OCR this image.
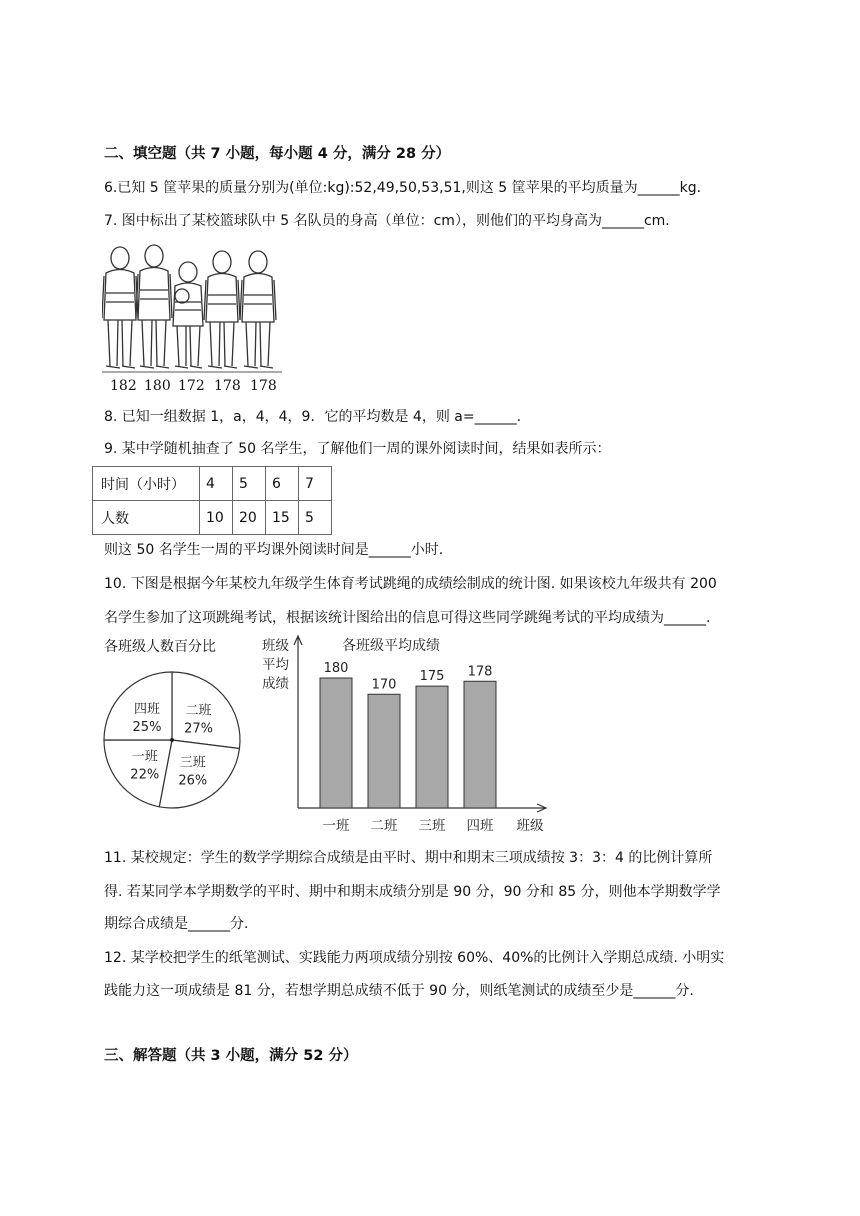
二、填空题（共 7 小题，每小题 4 分，满分 28 分）
6.已知 5 筐苹果的质量分别为(单位:kg):52,49,50,53,51,则这 5 筐苹果的平均质量为______kg.
7. 图中标出了某校篮球队中 5 名队员的身高（单位：cm），则他们的平均身高为______cm.
182 180 172 178 178
8. 已知一组数据 1，a，4，4，9．它的平均数是 4，则 a=______.
9. 某中学随机抽查了 50 名学生，了解他们一周的课外阅读时间，结果如表所示：
时间（小时）	4	5	6	7
人数	10	20	15	5
则这 50 名学生一周的平均课外阅读时间是______小时.
10. 下图是根据今年某校九年级学生体育考试跳绳的成绩绘制成的统计图. 如果该校九年级共有 200
名学生参加了这项跳绳考试，根据该统计图给出的信息可得这些同学跳绳考试的平均成绩为______.
各班级人数百分比
二班
27%
三班
26%
一班
22%
四班
25%
班级
平均
成绩
各班级平均成绩
180
一班
170
二班
175
三班
178
四班 班级
11. 某校规定：学生的数学学期综合成绩是由平时、期中和期末三项成绩按 3：3：4 的比例计算所
得. 若某同学本学期数学的平时、期中和期末成绩分别是 90 分，90 分和 85 分，则他本学期数学学
期综合成绩是______分.
12. 某学校把学生的纸笔测试、实践能力两项成绩分别按 60%、40%的比例计入学期总成绩. 小明实
践能力这一项成绩是 81 分，若想学期总成绩不低于 90 分，则纸笔测试的成绩至少是______分.
三、解答题（共 3 小题，满分 52 分）
